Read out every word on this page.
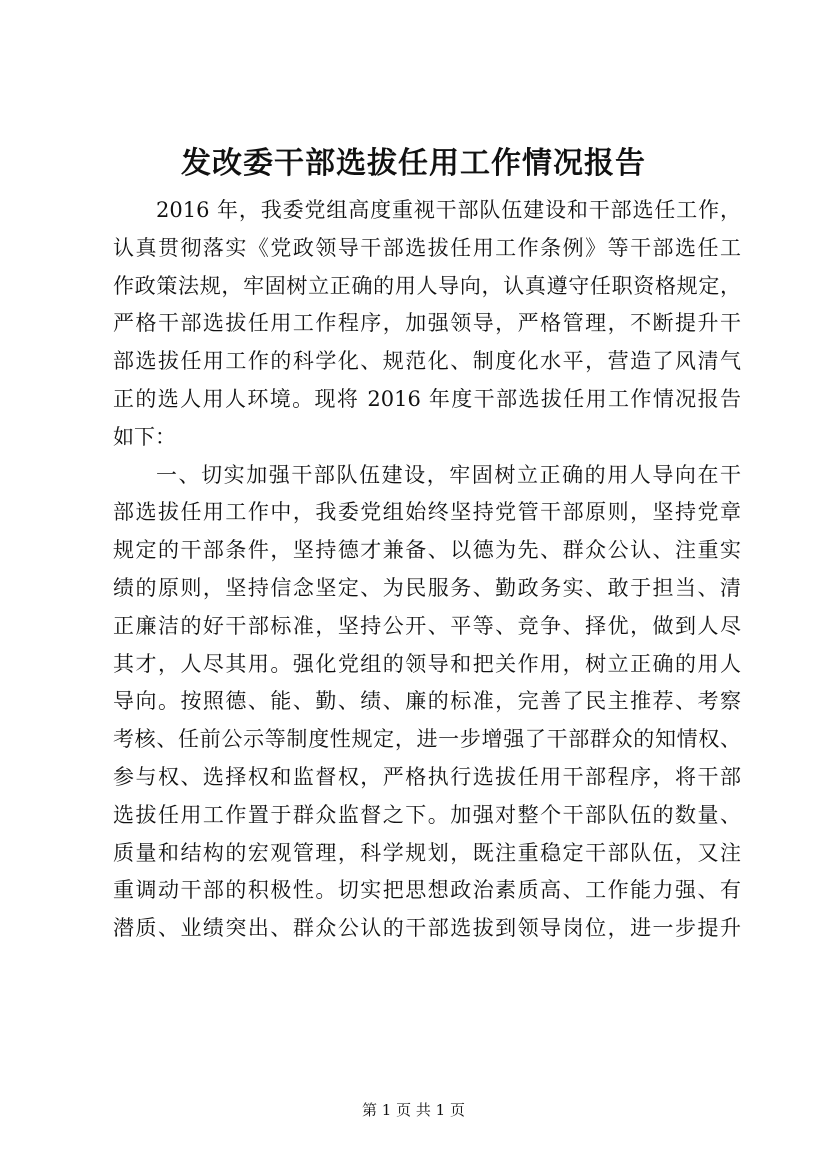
发改委干部选拔任用工作情况报告
2016 年，我委党组高度重视干部队伍建设和干部选任工作，
认真贯彻落实《党政领导干部选拔任用工作条例》等干部选任工
作政策法规，牢固树立正确的用人导向，认真遵守任职资格规定，
严格干部选拔任用工作程序，加强领导，严格管理，不断提升干
部选拔任用工作的科学化、规范化、制度化水平，营造了风清气
正的选人用人环境。现将 2016 年度干部选拔任用工作情况报告
如下：
一、切实加强干部队伍建设，牢固树立正确的用人导向在干
部选拔任用工作中，我委党组始终坚持党管干部原则，坚持党章
规定的干部条件，坚持德才兼备、以德为先、群众公认、注重实
绩的原则，坚持信念坚定、为民服务、勤政务实、敢于担当、清
正廉洁的好干部标准，坚持公开、平等、竞争、择优，做到人尽
其才，人尽其用。强化党组的领导和把关作用，树立正确的用人
导向。按照德、能、勤、绩、廉的标准，完善了民主推荐、考察
考核、任前公示等制度性规定，进一步增强了干部群众的知情权、
参与权、选择权和监督权，严格执行选拔任用干部程序，将干部
选拔任用工作置于群众监督之下。加强对整个干部队伍的数量、
质量和结构的宏观管理，科学规划，既注重稳定干部队伍，又注
重调动干部的积极性。切实把思想政治素质高、工作能力强、有
潜质、业绩突出、群众公认的干部选拔到领导岗位，进一步提升
第 1 页 共 1 页
